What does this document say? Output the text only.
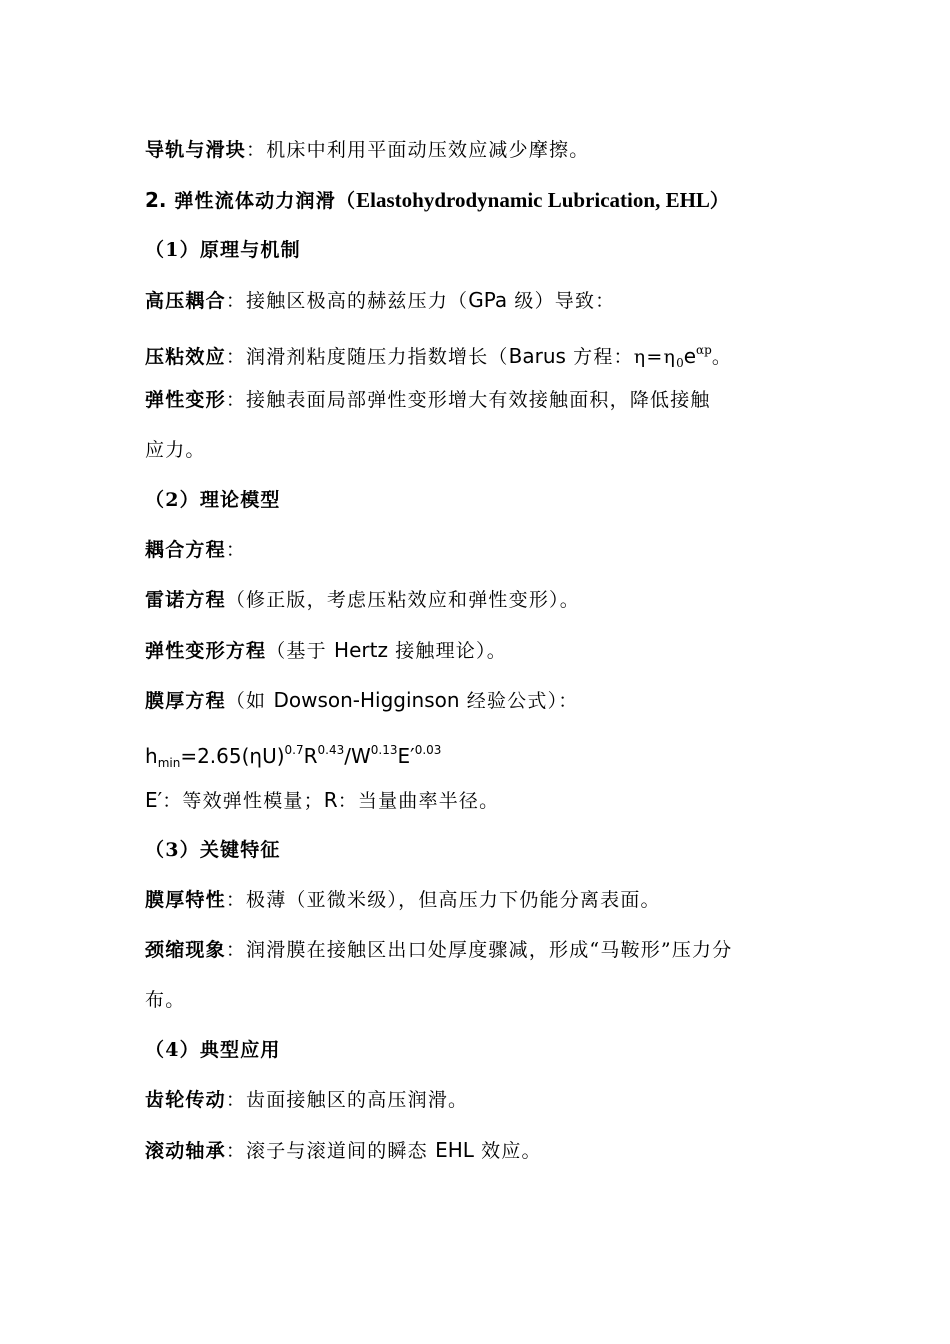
导轨与滑块：机床中利用平面动压效应减少摩擦。
2. 弹性流体动力润滑（Elastohydrodynamic Lubrication, EHL）
（1）原理与机制
高压耦合：接触区极高的赫兹压力（GPa 级）导致：
压粘效应：润滑剂粘度随压力指数增长（Barus 方程：$\eta=\eta_0e^{\alpha p}$。
弹性变形：接触表面局部弹性变形增大有效接触面积，降低接触
应力。
（2）理论模型
耦合方程：
雷诺方程（修正版，考虑压粘效应和弹性变形）。
弹性变形方程（基于 Hertz 接触理论）。
膜厚方程（如 Dowson-Higginson 经验公式）：
$h_{min}=2.65(\eta U)^{0.7}R^{0.43}/W^{0.13}E'^{0.03}$
E′：等效弹性模量；R：当量曲率半径。
（3）关键特征
膜厚特性：极薄（亚微米级），但高压力下仍能分离表面。
颈缩现象：润滑膜在接触区出口处厚度骤减，形成“马鞍形”压力分
布。
（4）典型应用
齿轮传动：齿面接触区的高压润滑。
滚动轴承：滚子与滚道间的瞬态 EHL 效应。
